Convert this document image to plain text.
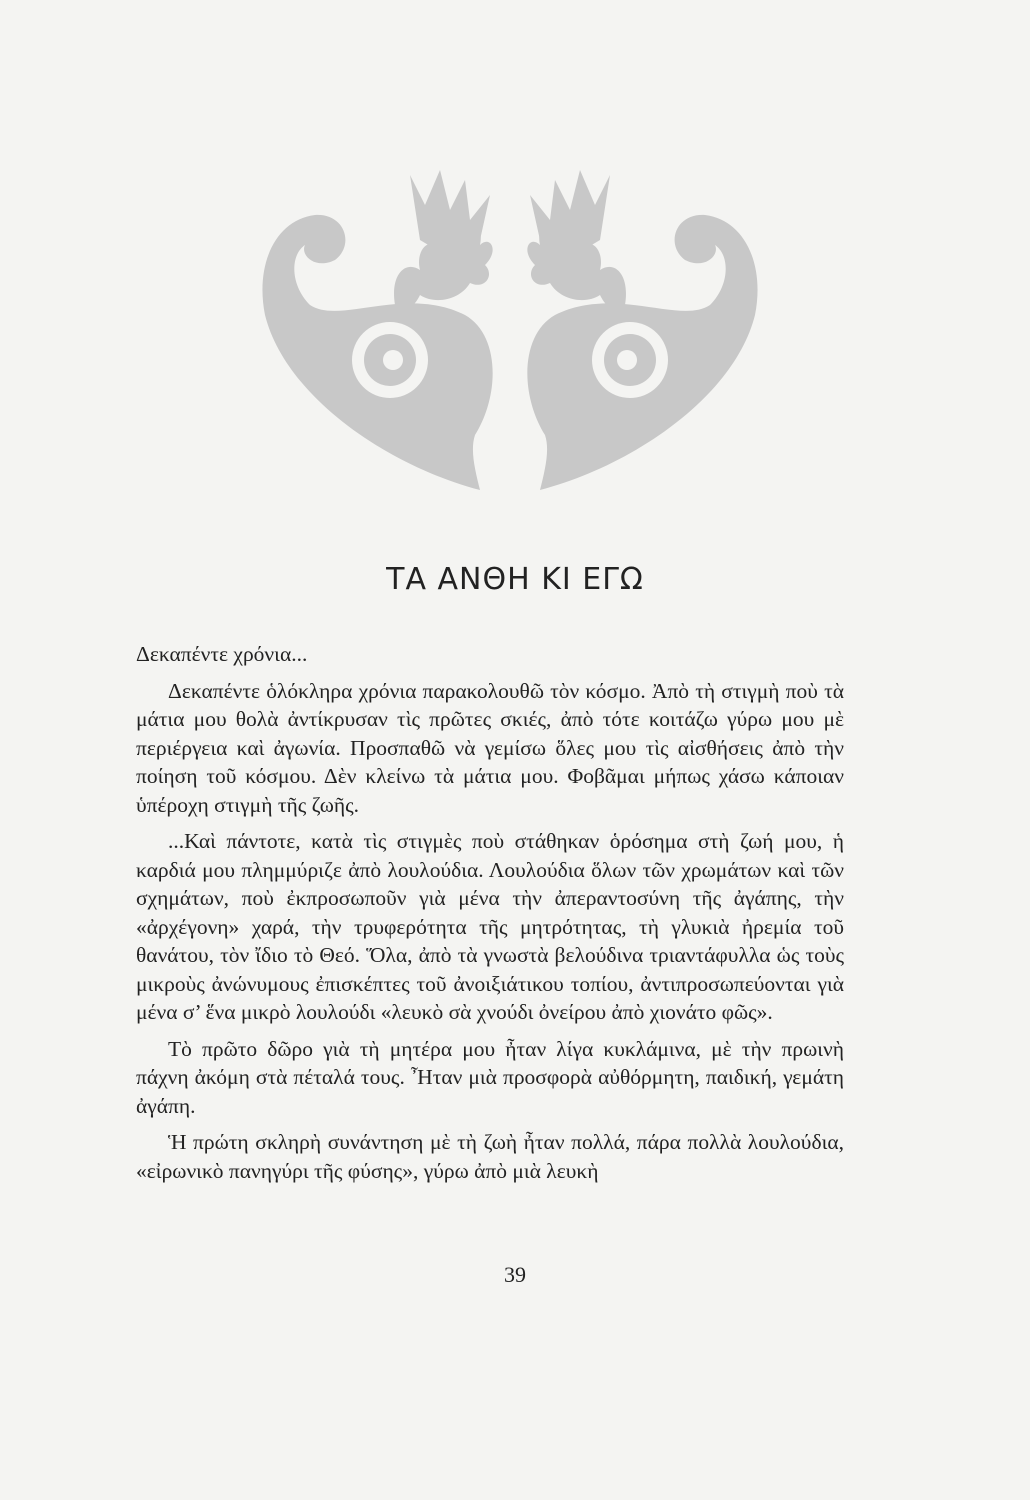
ΤΑ ΑΝΘΗ ΚΙ ΕΓΩ

Δεκαπέντε χρόνια...

Δεκαπέντε ὁλόκληρα χρόνια παρακολουθῶ τὸν κόσμο. Ἀπὸ τὴ στιγμὴ ποὺ τὰ μάτια μου θολὰ ἀντίκρυσαν τὶς πρῶτες σκιές, ἀπὸ τότε κοιτάζω γύρω μου μὲ περιέργεια καὶ ἀγωνία. Προσπαθῶ νὰ γεμίσω ὅλες μου τὶς αἰσθήσεις ἀπὸ τὴν ποίηση τοῦ κόσμου. Δὲν κλείνω τὰ μάτια μου. Φοβᾶμαι μήπως χάσω κάποιαν ὑπέροχη στιγμὴ τῆς ζωῆς.

...Καὶ πάντοτε, κατὰ τὶς στιγμὲς ποὺ στάθηκαν ὁρόσημα στὴ ζωή μου, ἡ καρδιά μου πλημμύριζε ἀπὸ λουλούδια. Λουλούδια ὅλων τῶν χρωμάτων καὶ τῶν σχημάτων, ποὺ ἐκπροσωποῦν γιὰ μένα τὴν ἀπεραντοσύνη τῆς ἀγάπης, τὴν «ἀρχέγονη» χαρά, τὴν τρυφερότητα τῆς μητρότητας, τὴ γλυκιὰ ἠρεμία τοῦ θανάτου, τὸν ἴδιο τὸ Θεό. Ὅλα, ἀπὸ τὰ γνωστὰ βελούδινα τριαντάφυλλα ὡς τοὺς μικροὺς ἀνώνυμους ἐπισκέπτες τοῦ ἀνοιξιάτικου τοπίου, ἀντιπροσωπεύονται γιὰ μένα σ’ ἕνα μικρὸ λουλούδι «λευκὸ σὰ χνούδι ὀνείρου ἀπὸ χιονάτο φῶς».

Τὸ πρῶτο δῶρο γιὰ τὴ μητέρα μου ἦταν λίγα κυκλάμινα, μὲ τὴν πρωινὴ πάχνη ἀκόμη στὰ πέταλά τους. Ἦταν μιὰ προσφορὰ αὐθόρμητη, παιδική, γεμάτη ἀγάπη.

Ἡ πρώτη σκληρὴ συνάντηση μὲ τὴ ζωὴ ἦταν πολλά, πάρα πολλὰ λουλούδια, «εἰρωνικὸ πανηγύρι τῆς φύσης», γύρω ἀπὸ μιὰ λευκὴ

39
